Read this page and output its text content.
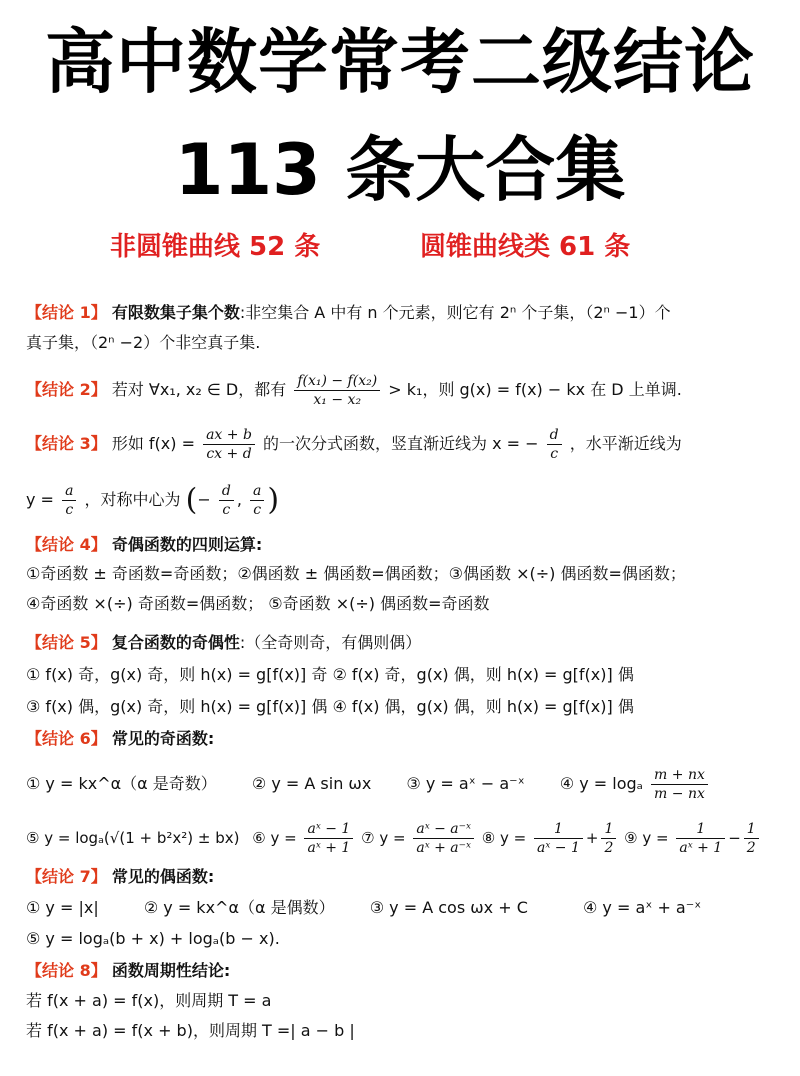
高中数学常考二级结论
113 条大合集
非圆锥曲线 52 条	圆锥曲线类 61 条
【结论 1】 有限数集子集个数:非空集合 A 中有 n 个元素，则它有 2ⁿ 个子集，（2ⁿ −1）个
真子集，（2ⁿ −2）个非空真子集.
【结论 2】 若对 ∀x₁, x₂ ∈ D，都有 $\frac{\text{f(x₁) − f(x₂)}}{\text{x₁ − x₂}} > k_1$，则 g(x) = f(x) − kx 在 D 上单调.
【结论 3】 形如 $f(x) = \frac{ax + b}{cx + d}$ 的一次分式函数，竖直渐近线为 x = − $\frac{d}{c}$ ，水平渐近线为
$y = \frac{a}{c}$ ，对称中心为 (− $\frac{d}{c}$ , $\frac{a}{c}$ )
【结论 4】 奇偶函数的四则运算:
①奇函数 ± 奇函数=奇函数；②偶函数 ± 偶函数=偶函数；③偶函数 ×(÷) 偶函数=偶函数；
④奇函数 ×(÷) 奇函数=偶函数； ⑤奇函数 ×(÷) 偶函数=奇函数
【结论 5】 复合函数的奇偶性:（全奇则奇，有偶则偶）
① f(x) 奇，g(x) 奇，则 h(x) = g[f(x)] 奇 ② f(x) 奇，g(x) 偶，则 h(x) = g[f(x)] 偶
③ f(x) 偶，g(x) 奇，则 h(x) = g[f(x)] 偶 ④ f(x) 偶，g(x) 偶，则 h(x) = g[f(x)] 偶
【结论 6】 常见的奇函数:
① y = kx^α（α 是奇数） ② y = A sin ωx ③ y = aˣ − a⁻ˣ ④ y = logₐ $\frac{m + nx}{m - nx}$
⑤ y = logₐ(√(1 + b²x²) ± bx) ⑥ $y = \frac{\text{aˣ − 1}}{\text{aˣ + 1}}$ ⑦ $y = \frac{\text{aˣ − a⁻ˣ}}{\text{aˣ + a⁻ˣ}}$ ⑧ $y = \frac{1}{\text{aˣ − 1}} + \frac{1}{2}$ ⑨ $y = \frac{1}{\text{aˣ + 1}} - \frac{1}{2}$
【结论 7】 常见的偶函数:
① y = |x|	② y = kx^α（α 是偶数） ③ y = A cos ωx + C	④ y = aˣ + a⁻ˣ
⑤ y = logₐ(b + x) + logₐ(b − x).
【结论 8】 函数周期性结论:
若 f(x + a) = f(x)，则周期 T = a
若 f(x + a) = f(x + b)，则周期 T =| a − b |
